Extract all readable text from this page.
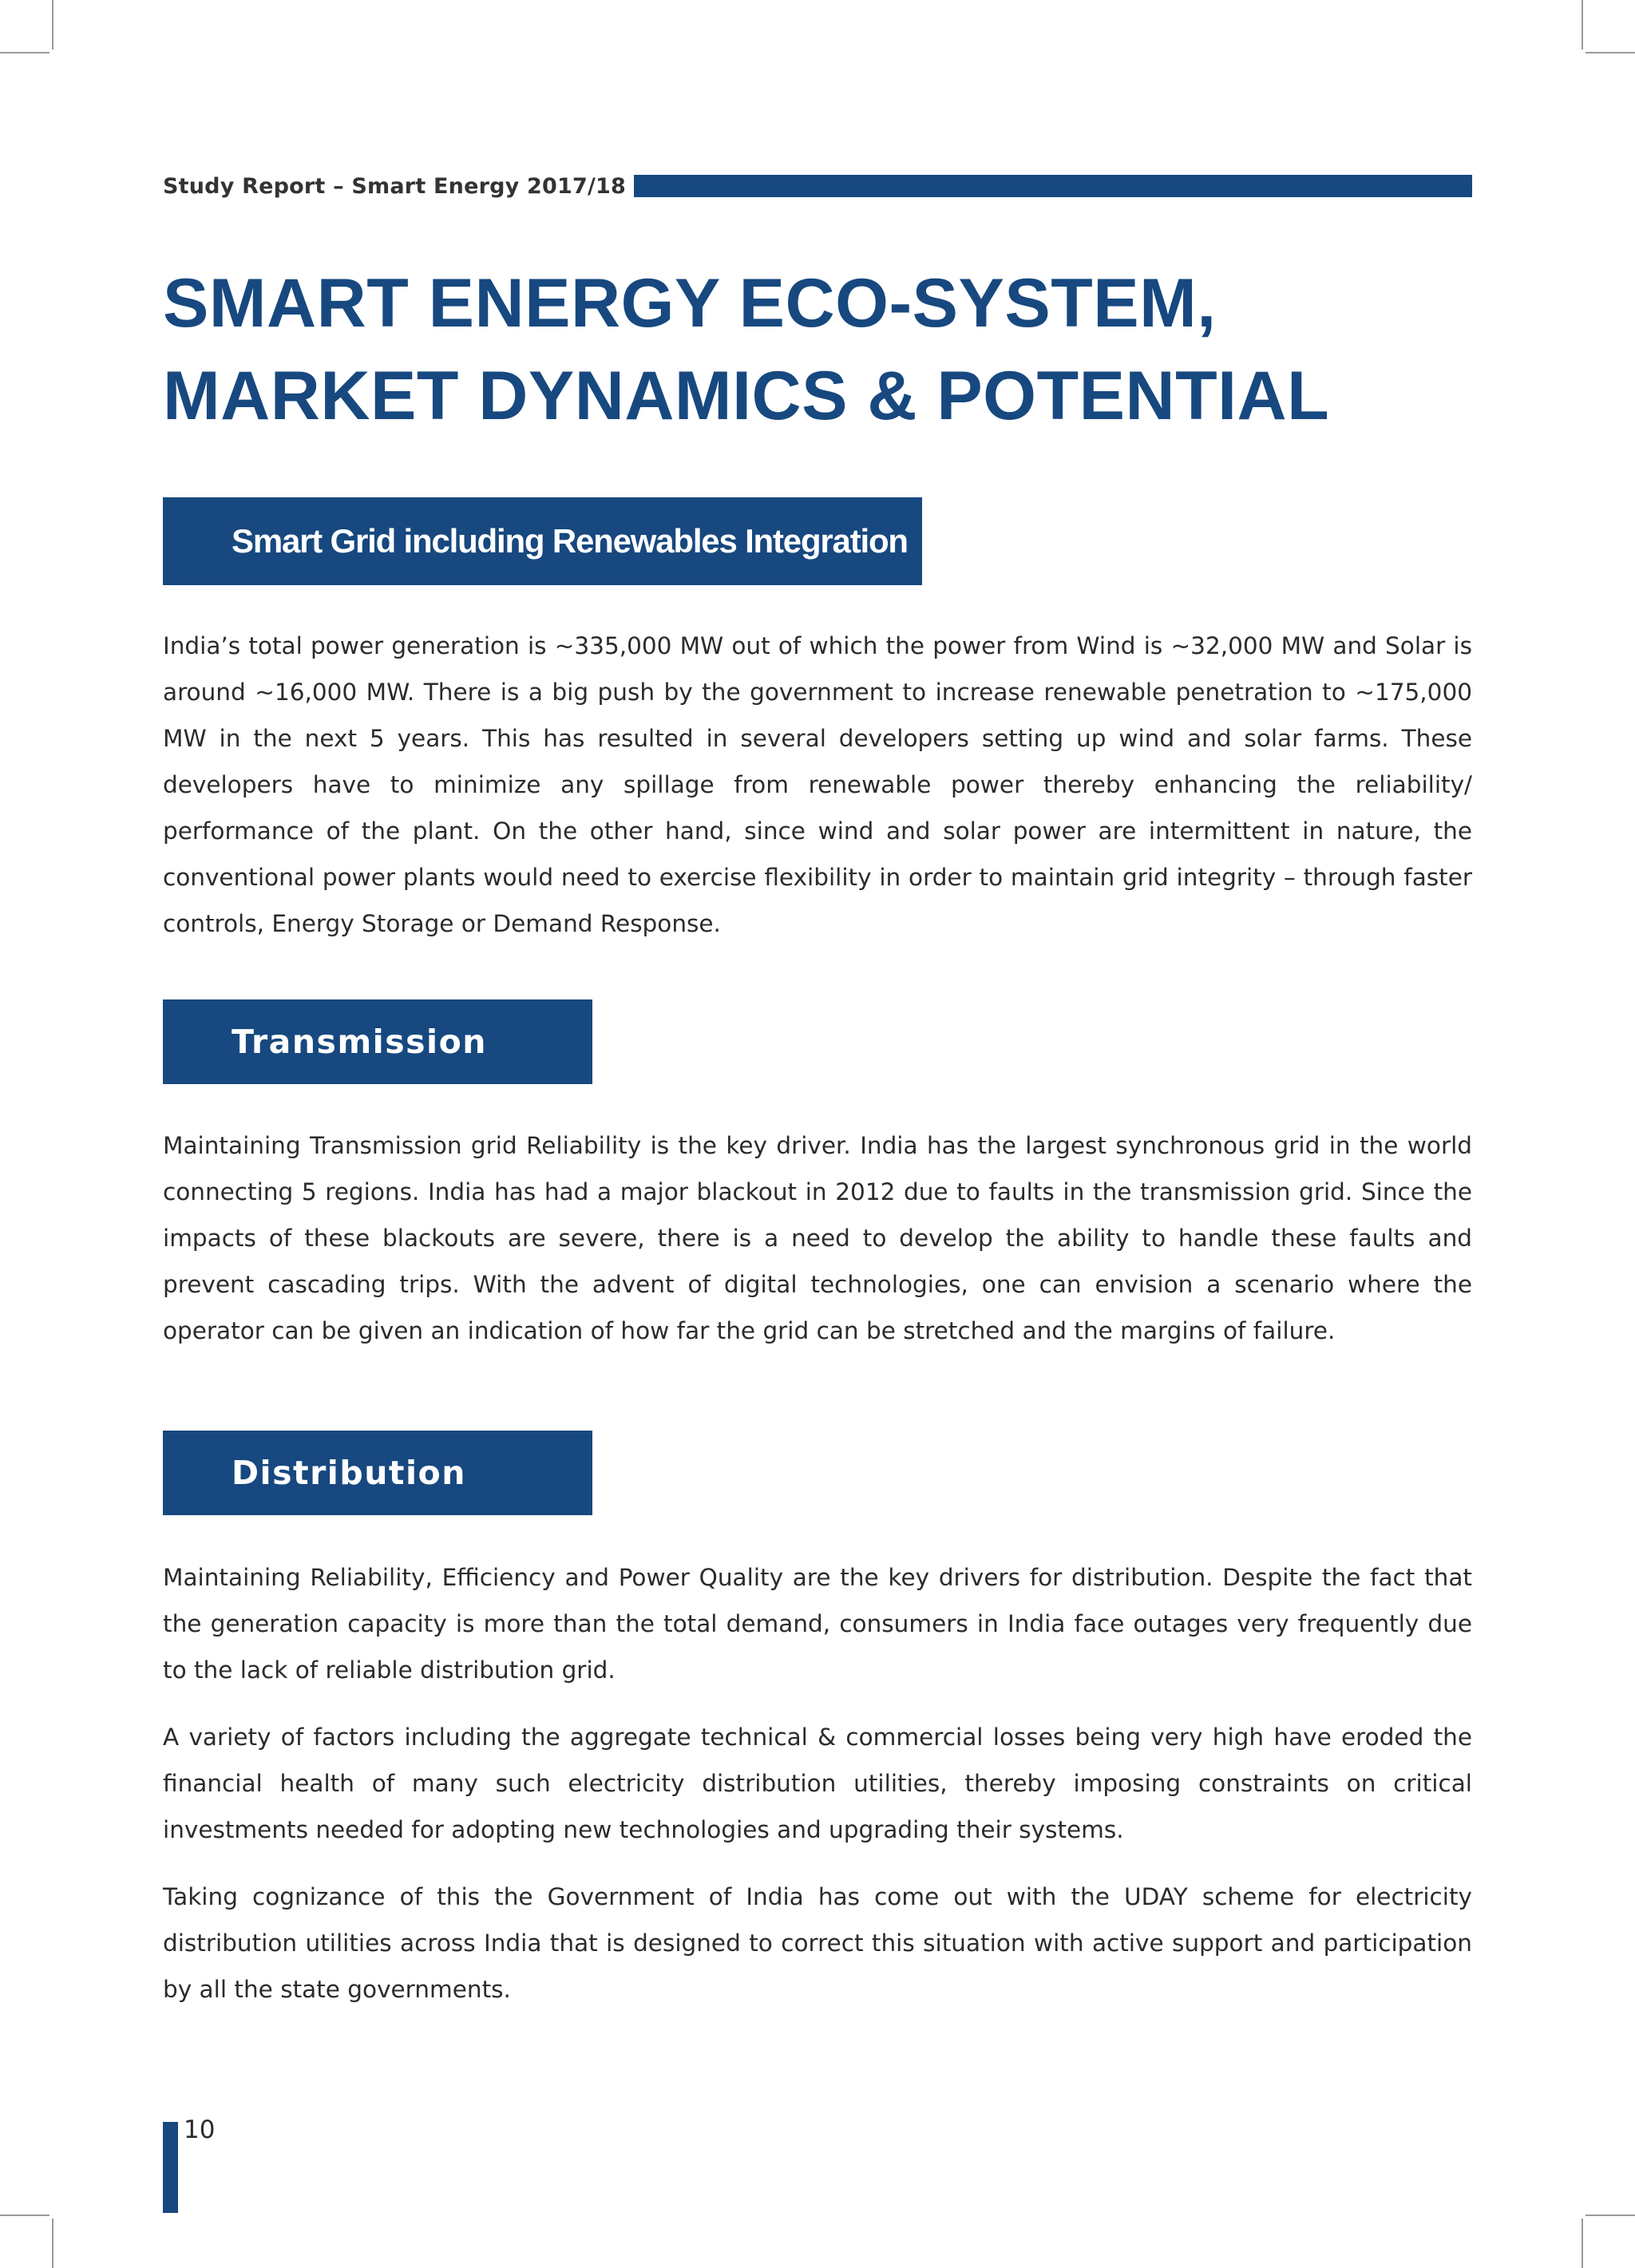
Study Report – Smart Energy 2017/18
SMART ENERGY ECO-SYSTEM, MARKET DYNAMICS & POTENTIAL
Smart Grid including Renewables Integration

India’s total power generation is ~335,000 MW out of which the power from Wind is ~32,000 MW and Solar is around ~16,000 MW. There is a big push by the government to increase renewable penetration to ~175,000 MW in the next 5 years. This has resulted in several developers setting up wind and solar farms. These developers have to minimize any spillage from renewable power thereby enhancing the reliability/ performance of the plant. On the other hand, since wind and solar power are intermittent in nature, the conventional power plants would need to exercise flexibility in order to maintain grid integrity – through faster controls, Energy Storage or Demand Response.

Transmission

Maintaining Transmission grid Reliability is the key driver. India has the largest synchronous grid in the world connecting 5 regions. India has had a major blackout in 2012 due to faults in the transmission grid. Since the impacts of these blackouts are severe, there is a need to develop the ability to handle these faults and prevent cascading trips. With the advent of digital technologies, one can envision a scenario where the operator can be given an indication of how far the grid can be stretched and the margins of failure.

Distribution

Maintaining Reliability, Efficiency and Power Quality are the key drivers for distribution. Despite the fact that the generation capacity is more than the total demand, consumers in India face outages very frequently due to the lack of reliable distribution grid.

A variety of factors including the aggregate technical & commercial losses being very high have eroded the financial health of many such electricity distribution utilities, thereby imposing constraints on critical investments needed for adopting new technologies and upgrading their systems.

Taking cognizance of this the Government of India has come out with the UDAY scheme for electricity distribution utilities across India that is designed to correct this situation with active support and participation by all the state governments.

10
